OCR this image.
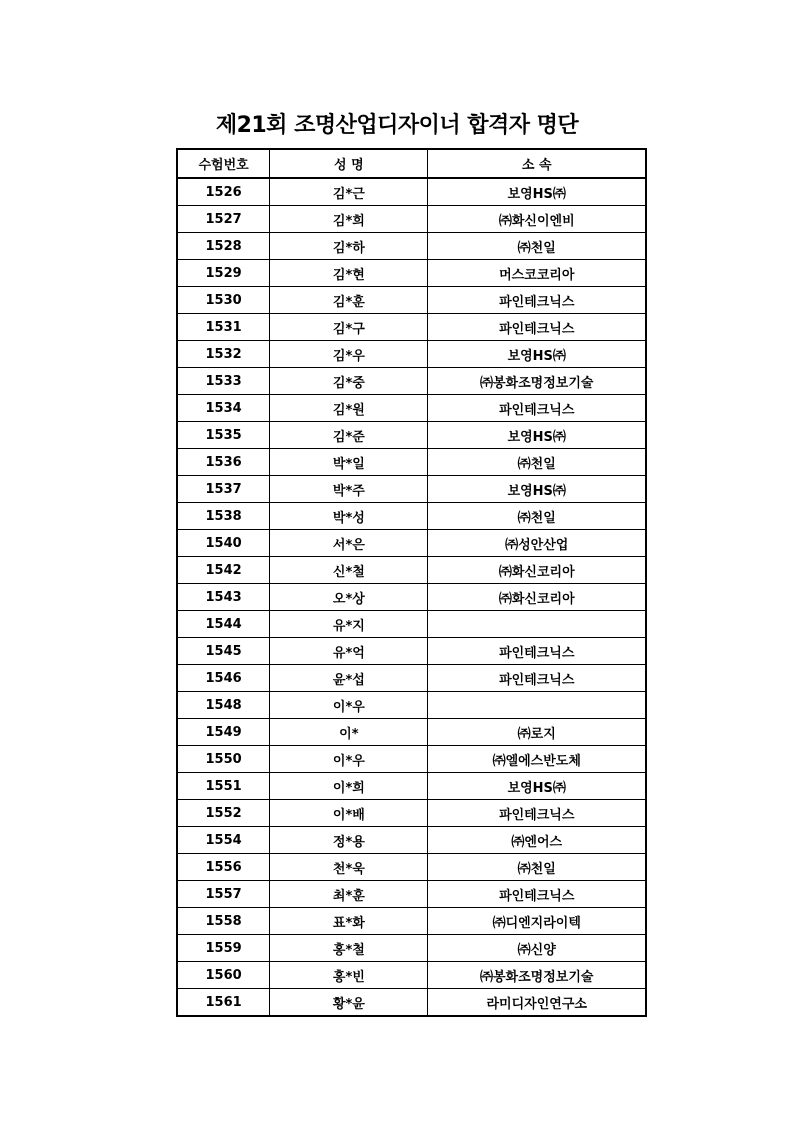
제21회 조명산업디자이너 합격자 명단
수험번호	성 명	소 속
1526	김*근	보영HS㈜
1527	김*희	㈜화신이엔비
1528	김*하	㈜천일
1529	김*현	머스코코리아
1530	김*훈	파인테크닉스
1531	김*구	파인테크닉스
1532	김*우	보영HS㈜
1533	김*중	㈜봉화조명정보기술
1534	김*원	파인테크닉스
1535	김*준	보영HS㈜
1536	박*일	㈜천일
1537	박*주	보영HS㈜
1538	박*성	㈜천일
1540	서*은	㈜성안산업
1542	신*철	㈜화신코리아
1543	오*상	㈜화신코리아
1544	유*지	
1545	유*억	파인테크닉스
1546	윤*섭	파인테크닉스
1548	이*우	
1549	이*	㈜로지
1550	이*우	㈜엘에스반도체
1551	이*희	보영HS㈜
1552	이*배	파인테크닉스
1554	정*용	㈜엔어스
1556	천*욱	㈜천일
1557	최*훈	파인테크닉스
1558	표*화	㈜디엔지라이텍
1559	홍*철	㈜신양
1560	홍*빈	㈜봉화조명정보기술
1561	황*윤	라미디자인연구소
